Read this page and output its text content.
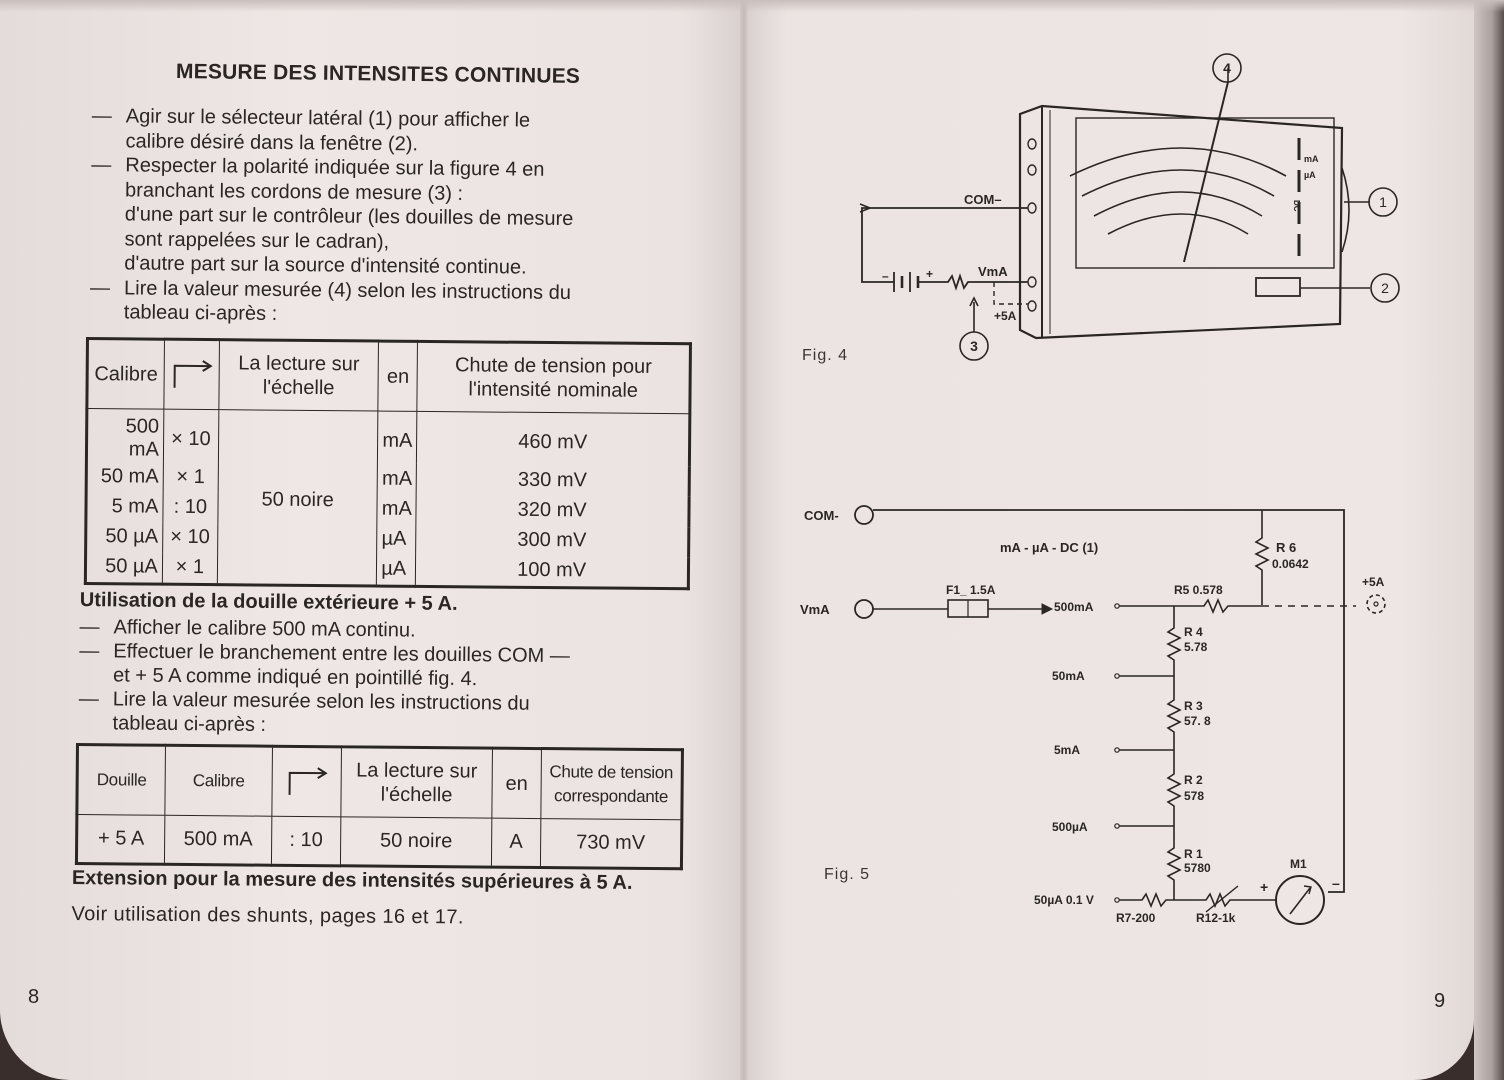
MESURE DES INTENSITES CONTINUES
— Agir sur le sélecteur latéral (1) pour afficher le
calibre désiré dans la fenêtre (2).
— Respecter la polarité indiquée sur la figure 4 en
branchant les cordons de mesure (3) :
d'une part sur le contrôleur (les douilles de mesure
sont rappelées sur le cadran),
d'autre part sur la source d'intensité continue.
— Lire la valeur mesurée (4) selon les instructions du
tableau ci-après :
Calibre		La lecture sur l'échelle	en	Chute de tension pour l'intensité nominale
500 mA	× 10	50 noire	mA	460 mV
50 mA	× 1		mA	330 mV
5 mA	: 10		mA	320 mV
50 µA	× 10		µA	300 mV
50 µA	× 1		µA	100 mV
Utilisation de la douille extérieure + 5 A.
— Afficher le calibre 500 mA continu.
— Effectuer le branchement entre les douilles COM —
et + 5 A comme indiqué en pointillé fig. 4.
— Lire la valeur mesurée selon les instructions du
tableau ci-après :
Douille	Calibre		La lecture sur l'échelle	en	Chute de tension correspondante
+ 5 A	500 mA	: 10	50 noire	A	730 mV
Extension pour la mesure des intensités supérieures à 5 A.
Voir utilisation des shunts, pages 16 et 17.
8
COM–
VmA
+5A
–	+
mA
µA
DC
4
1
2
3
COM-
mA - µA - DC (1)	R 6
0.0642
VmA
F1_ 1.5A
500mA
R5 0.578
+5A
R 4
5.78
50mA
R 3
57. 8
5mA
R 2
578
500µA
R 1
5780	M1
50µA 0.1 V
R7-200	R12-1k
+	–
Fig. 4
Fig. 5
9
